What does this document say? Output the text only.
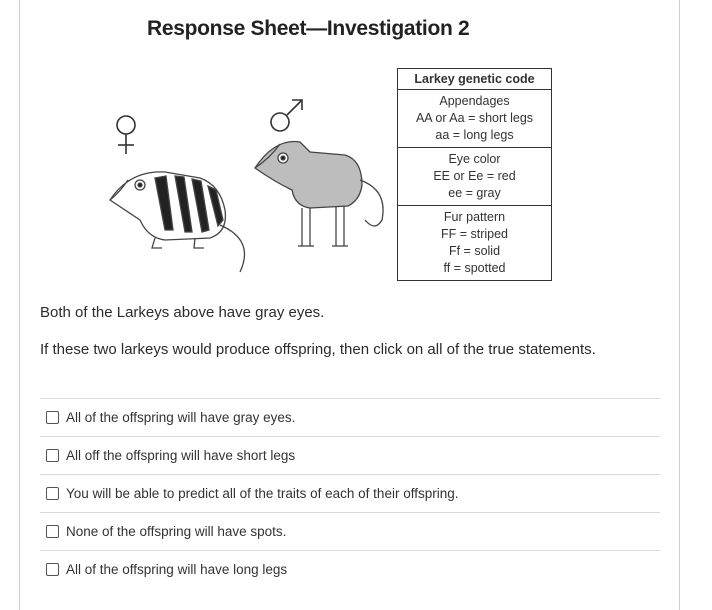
Response Sheet—Investigation 2
Larkey genetic code
Appendages
AA or Aa = short legs
aa = long legs
Eye color
EE or Ee = red
ee = gray
Fur pattern
FF = striped
Ff = solid
ff = spotted
Both of the Larkeys above have gray eyes.
If these two larkeys would produce offspring, then click on all of the true statements.
All of the offspring will have gray eyes.
All off the offspring will have short legs
You will be able to predict all of the traits of each of their offspring.
None of the offspring will have spots.
All of the offspring will have long legs
